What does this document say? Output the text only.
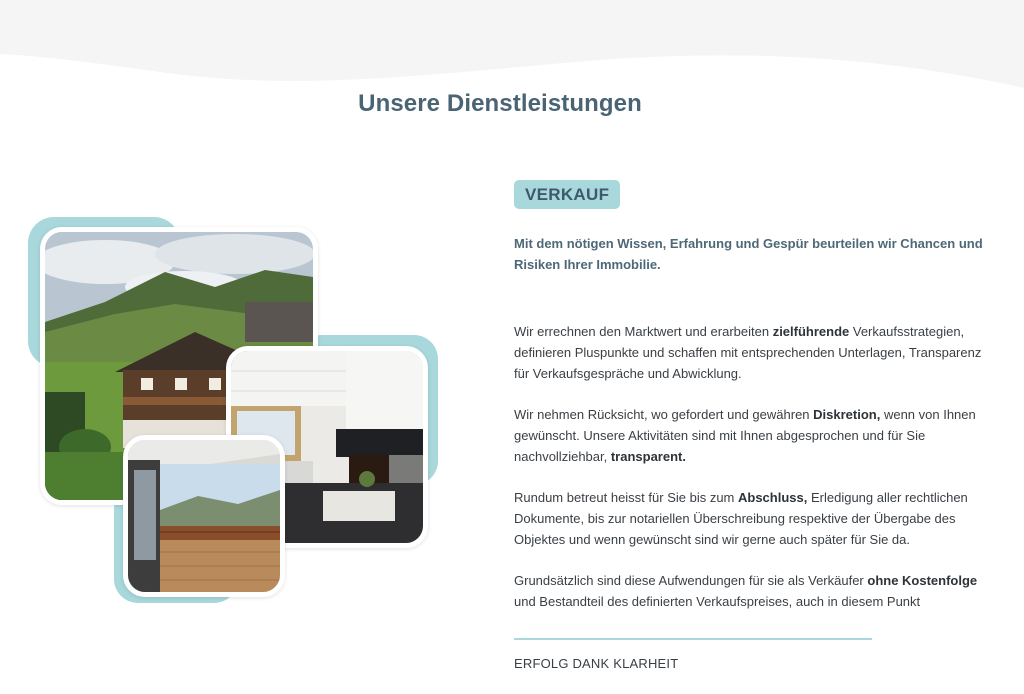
Unsere Dienstleistungen
VERKAUF

Mit dem nötigen Wissen, Erfahrung und Gespür beurteilen wir Chancen und Risiken Ihrer Immobilie.

Wir errechnen den Marktwert und erarbeiten zielführende Verkaufsstrategien, definieren Pluspunkte und schaffen mit entsprechenden Unterlagen, Transparenz für Verkaufsgespräche und Abwicklung.

Wir nehmen Rücksicht, wo gefordert und gewähren Diskretion, wenn von Ihnen gewünscht. Unsere Aktivitäten sind mit Ihnen abgesprochen und für Sie nachvollziehbar, transparent.

Rundum betreut heisst für Sie bis zum Abschluss, Erledigung aller rechtlichen Dokumente, bis zur notariellen Überschreibung respektive der Übergabe des Objektes und wenn gewünscht sind wir gerne auch später für Sie da.

Grundsätzlich sind diese Aufwendungen für sie als Verkäufer ohne Kostenfolge und Bestandteil des definierten Verkaufspreises, auch in diesem Punkt

ERFOLG DANK KLARHEIT
